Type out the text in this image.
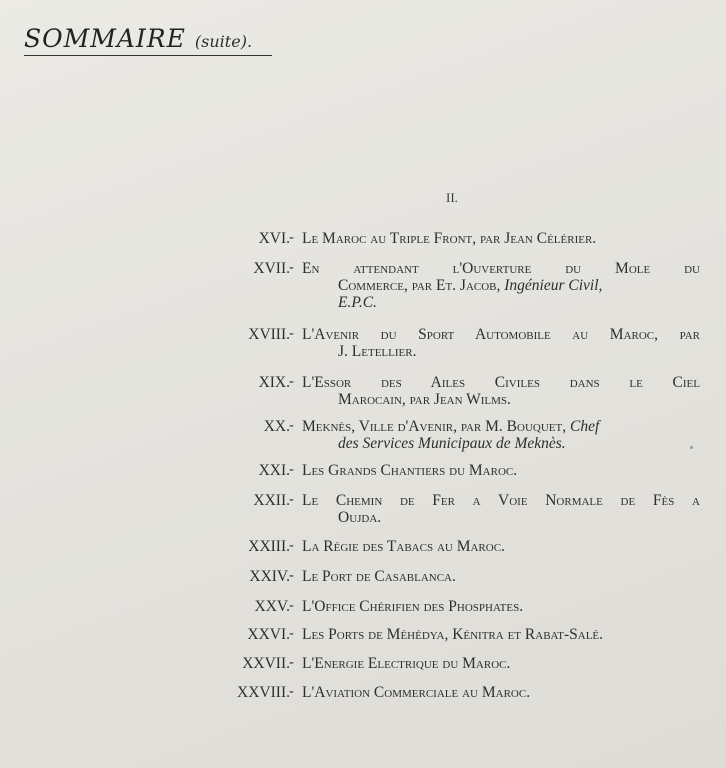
SOMMAIRE (suite).
II.
XVI. - Le Maroc au Triple Front, par Jean Célérier.
XVII. - En attendant l'Ouverture du Mole du
Commerce, par Et. Jacob, Ingénieur Civil,
E.P.C.
XVIII. - L'Avenir du Sport Automobile au Maroc, par
J. Letellier.
XIX. - L'Essor des Ailes Civiles dans le Ciel
Marocain, par Jean Wilms.
XX. - Meknès, Ville d'Avenir, par M. Bouquet, Chef
des Services Municipaux de Meknès.
XXI. - Les Grands Chantiers du Maroc.
XXII. - Le Chemin de Fer a Voie Normale de Fès a
Oujda.
XXIII. - La Régie des Tabacs au Maroc.
XXIV. - Le Port de Casablanca.
XXV. - L'Office Chérifien des Phosphates.
XXVI. - Les Ports de Méhédya, Kénitra et Rabat-Salé.
XXVII. - L'Energie Electrique du Maroc.
XXVIII. - L'Aviation Commerciale au Maroc.
